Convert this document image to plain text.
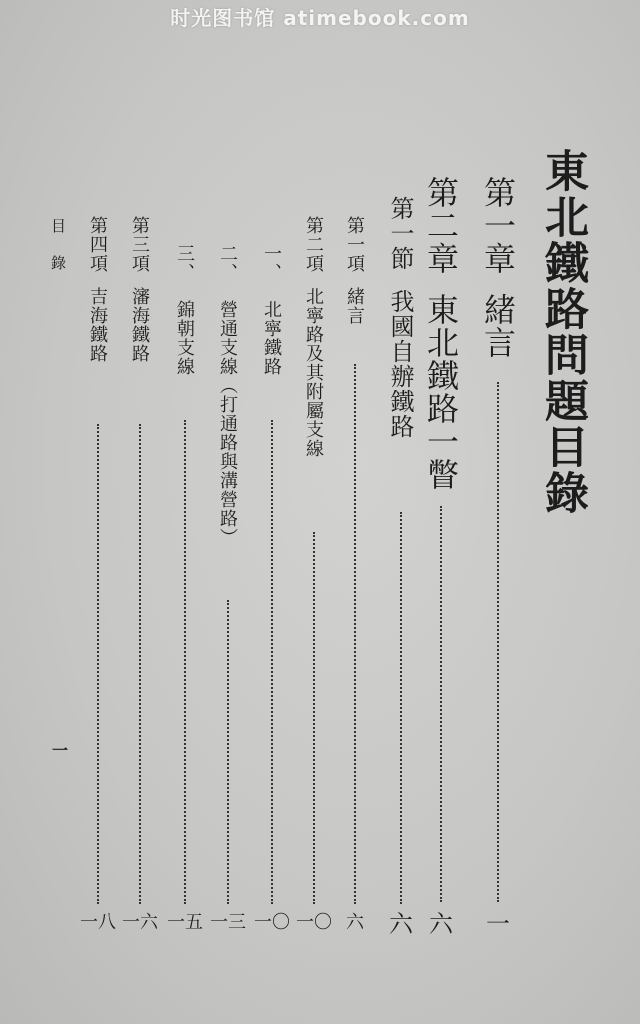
时光图书馆 atimebook.com
東北鐵路問題目錄
第一章緒言
一
第二章東北鐵路一瞥
六
第一節我國自辦鐵路
六
第一項緒言
六
第二項北寧路及其附屬支線
一〇
一、北寧鐵路
一〇
二、營通支線（打通路與溝營路）
一三
三、錦朝支線
一五
第三項瀋海鐵路
一六
第四項吉海鐵路
一八
目錄
一
